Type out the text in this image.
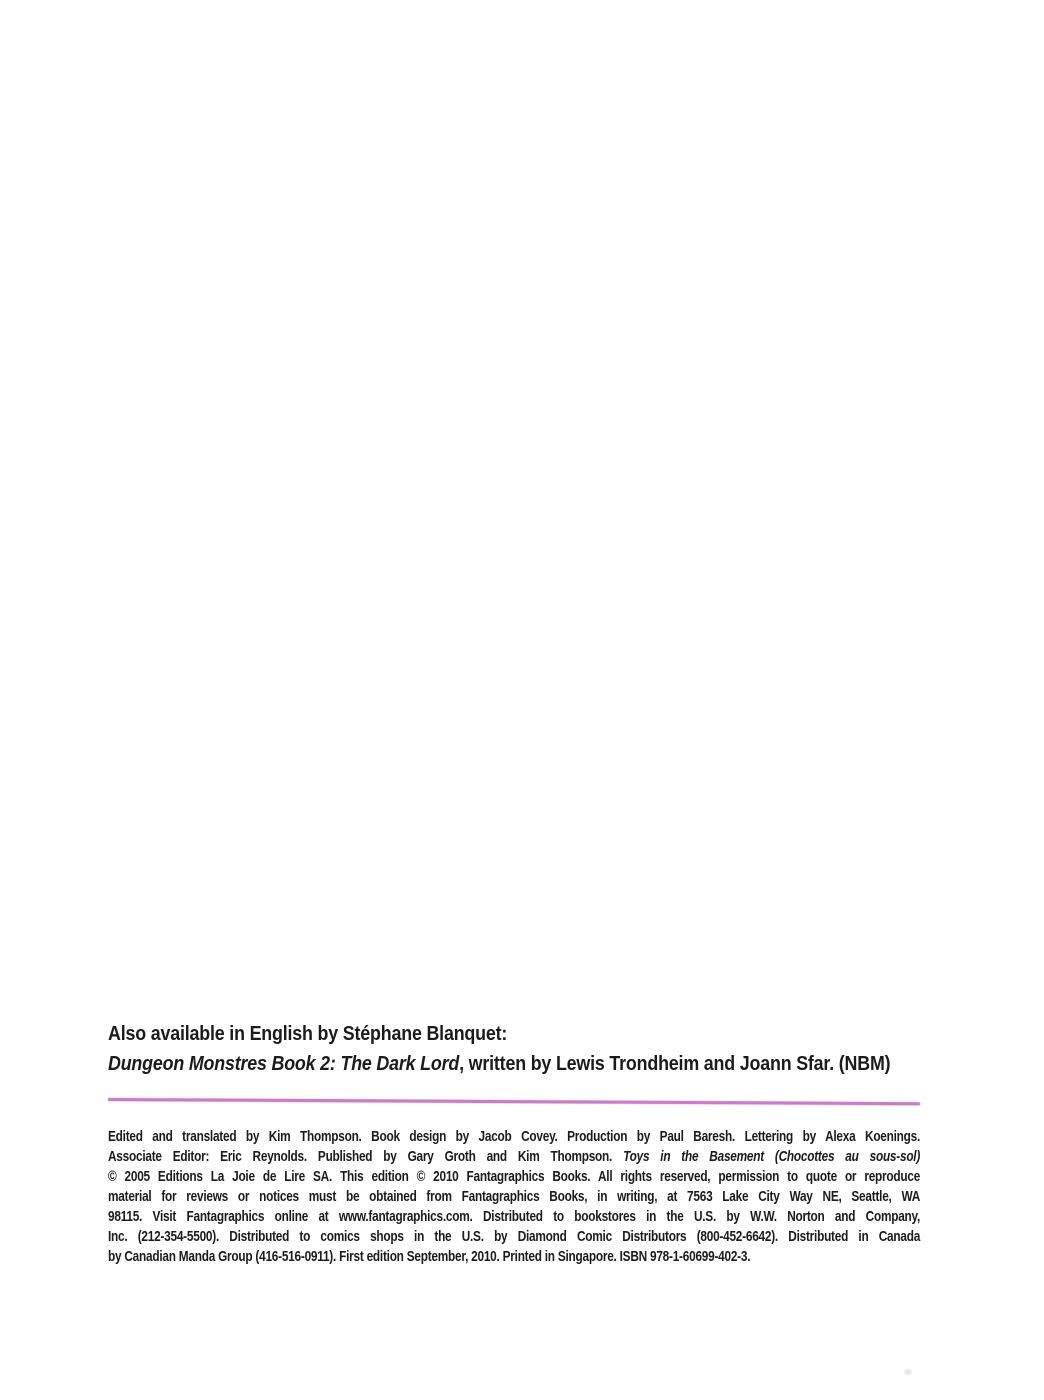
Also available in English by Stéphane Blanquet:
Dungeon Monstres Book 2: The Dark Lord, written by Lewis Trondheim and Joann Sfar. (NBM)
Edited and translated by Kim Thompson. Book design by Jacob Covey. Production by Paul Baresh. Lettering by Alexa Koenings.
Associate Editor: Eric Reynolds. Published by Gary Groth and Kim Thompson. Toys in the Basement (Chocottes au sous-sol)
© 2005 Editions La Joie de Lire SA. This edition © 2010 Fantagraphics Books. All rights reserved, permission to quote or reproduce
material for reviews or notices must be obtained from Fantagraphics Books, in writing, at 7563 Lake City Way NE, Seattle, WA
98115. Visit Fantagraphics online at www.fantagraphics.com. Distributed to bookstores in the U.S. by W.W. Norton and Company,
Inc. (212-354-5500). Distributed to comics shops in the U.S. by Diamond Comic Distributors (800-452-6642). Distributed in Canada
by Canadian Manda Group (416-516-0911). First edition September, 2010. Printed in Singapore. ISBN 978-1-60699-402-3.
